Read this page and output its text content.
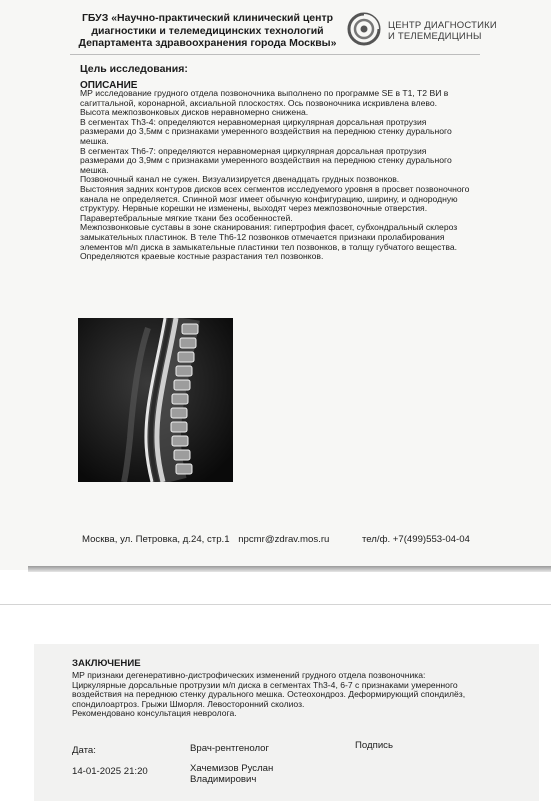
ГБУЗ «Научно-практический клинический центр
диагностики и телемедицинских технологий
Департамента здравоохранения города Москвы»
ЦЕНТР ДИАГНОСТИКИ
И ТЕЛЕМЕДИЦИНЫ
Цель исследования:
ОПИСАНИЕ

МР исследование грудного отдела позвоночника выполнено по программе SE в T1, T2 ВИ в сагиттальной, коронарной, аксиальной плоскостях. Ось позвоночника искривлена влево.

Высота межпозвонковых дисков неравномерно снижена.

В сегментах Th3-4: определяются неравномерная циркулярная дорсальная протрузия размерами до 3,5мм с признаками умеренного воздействия на переднюю стенку дурального мешка.

В сегментах Th6-7: определяются неравномерная циркулярная дорсальная протрузия размерами до 3,9мм с признаками умеренного воздействия на переднюю стенку дурального мешка.

Позвоночный канал не сужен. Визуализируется двенадцать грудных позвонков.

Выстояния задних контуров дисков всех сегментов исследуемого уровня в просвет позвоночного канала не определяется. Спинной мозг имеет обычную конфигурацию, ширину, и однородную структуру. Нервные корешки не изменены, выходят через межпозвоночные отверстия. Паравертебральные мягкие ткани без особенностей.

Межпозвонковые суставы в зоне сканирования: гипертрофия фасет, субхондральный склероз замыкательных пластинок. В теле Th6-12 позвонков отмечается признаки пролабирования элементов м/п диска в замыкательные пластинки тел позвонков, в толщу губчатого вещества.

Определяются краевые костные разрастания тел позвонков.

Москва, ул. Петровка, д.24, стр.1 npcmr@zdrav.mos.ru	тел/ф. +7(499)553-04-04
ЗАКЛЮЧЕНИЕ

МР признаки дегенеративно-дистрофических изменений грудного отдела позвоночника:

Циркулярные дорсальные протрузии м/п диска в сегментах Th3-4, 6-7 с признаками умеренного воздействия на переднюю стенку дурального мешка. Остеохондроз. Деформирующий спондилёз, спондилоартроз. Грыжи Шморля. Левосторонний сколиоз.

Рекомендовано консультация невролога.

Дата:	Врач-рентгенолог	Подпись
14-01-2025 21:20	Хачемизов Руслан
Владимирович
